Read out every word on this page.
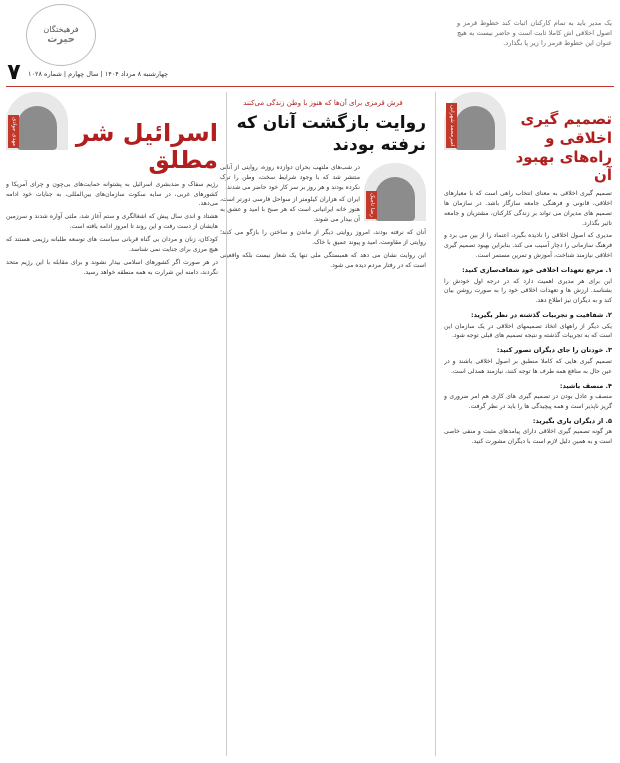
۷	چهارشنبه ۸ مرداد ۱۴۰۴ | سال چهارم | شماره ۱۰۲۸
فرهیختگان
حیرت
یک مدیر باید به تمام کارکنان اثبات کند خطوط قرمز و اصول اخلاقی اش کاملا ثابت است و حاضر نیست به هیچ عنوان این خطوط قرمز را زیر پا بگذارد.
امیرمحمد شهرابی	تصمیم گیری اخلاقی و راه‌های بهبود آن

تصمیم گیری اخلاقی به معنای انتخاب راهی است که با معیارهای اخلاقی، قانونی و فرهنگی جامعه سازگار باشد. در سازمان ها تصمیم های مدیران می تواند بر زندگی کارکنان، مشتریان و جامعه تاثیر بگذارد.

مدیری که اصول اخلاقی را نادیده بگیرد، اعتماد را از بین می برد و فرهنگ سازمانی را دچار آسیب می کند. بنابراین بهبود تصمیم گیری اخلاقی نیازمند شناخت، آموزش و تمرین مستمر است.

۱. مرجع تعهدات اخلاقی خود شفاف‌سازی کنید:

این برای هر مدیری اهمیت دارد که در درجه اول خودش را بشناسد. ارزش ها و تعهدات اخلاقی خود را به صورت روشن بیان کند و به دیگران نیز اطلاع دهد.

۲. شفافیت و تجربیات گذشته در نظر بگیرید:

یکی دیگر از راههای اتخاذ تصمیمهای اخلاقی در یک سازمان این است که به تجربیات گذشته و نتیجه تصمیم های قبلی توجه شود.

۳. خودتان را جای دیگران تصور کنید:

تصمیم گیری هایی که کاملا منطبق بر اصول اخلاقی باشند و در عین حال به منافع همه طرف ها توجه کنند، نیازمند همدلی است.

۴. منصف باشید:

منصف و عادل بودن در تصمیم گیری های کاری هم امر ضروری و گریز ناپذیر است و همه پیچیدگی ها را باید در نظر گرفت.

۵. از دیگران یاری بگیرید:

هر گونه تصمیم گیری اخلاقی دارای پیامدهای مثبت و منفی خاصی است و به همین دلیل لازم است با دیگران مشورت کنید.

فرش قرمزی برای آن‌ها که هنوز با وطن زندگی می‌کنند
روایت بازگشت آنان که نرفته بودند
رضا تاجیک

در شب‌های ملتهب بحران دوازده روزه، روایتی از آنانی منتشر شد که با وجود شرایط سخت، وطن را ترک نکرده بودند و هر روز بر سر کار خود حاضر می شدند.

ایران که هزاران کیلومتر از سواحل فارسی دورتر است، هنوز خانه ایرانیانی است که هر صبح با امید و عشق به آن بیدار می شوند.

آنان که نرفته بودند، امروز روایتی دیگر از ماندن و ساختن را بازگو می کنند؛ روایتی از مقاومت، امید و پیوند عمیق با خاک.

این روایت نشان می دهد که همبستگی ملی تنها یک شعار نیست بلکه واقعیتی است که در رفتار مردم دیده می شود.

مهدی جوادی	اسرائیل شر مطلق

رژیم سفاک و ضدبشری اسرائیل به پشتوانه حمایت‌های بی‌چون و چرای آمریکا و کشورهای غربی، در سایه سکوت سازمان‌های بین‌المللی، به جنایات خود ادامه می‌دهد.

هشتاد و اندی سال پیش که اشغالگری و ستم آغاز شد، ملتی آواره شدند و سرزمین هایشان از دست رفت و این روند تا امروز ادامه یافته است.

کودکان، زنان و مردان بی گناه قربانی سیاست های توسعه طلبانه رژیمی هستند که هیچ مرزی برای جنایت نمی شناسد.

در هر صورت اگر کشورهای اسلامی بیدار نشوند و برای مقابله با این رژیم متحد نگردند، دامنه این شرارت به همه منطقه خواهد رسید.
